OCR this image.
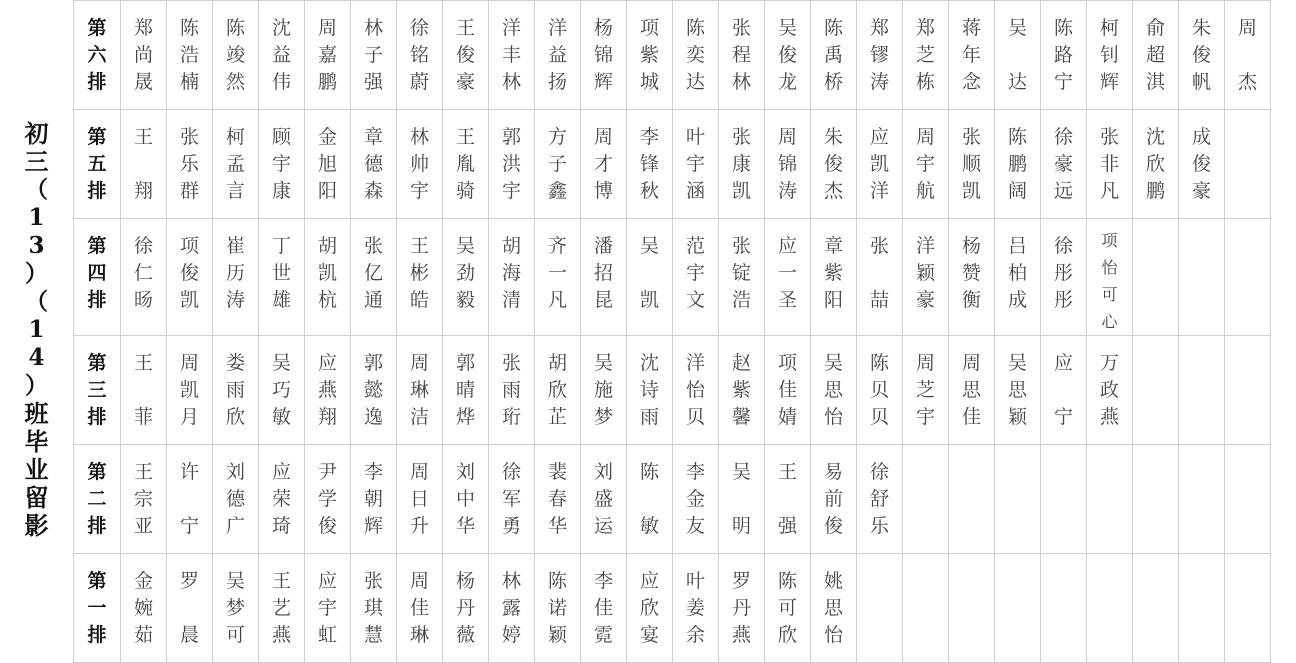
初
三
（
1
3
）
（
1
4
）
班
毕
业
留
影
第
六
排	郑
尚
晟	陈
浩
楠	陈
竣
然	沈
益
伟	周
嘉
鹏	林
子
强	徐
铭
蔚	王
俊
豪	洋
丰
林	洋
益
扬	杨
锦
辉	项
紫
城	陈
奕
达	张
程
林	吴
俊
龙	陈
禹
桥	郑
镠
涛	郑
芝
栋	蒋
年
念	吴

达	陈
路
宁	柯
钊
辉	俞
超
淇	朱
俊
帆	周

杰

第
五
排	王

翔	张
乐
群	柯
孟
言	顾
宇
康	金
旭
阳	章
德
森	林
帅
宇	王
胤
骑	郭
洪
宇	方
子
鑫	周
才
博	李
锋
秋	叶
宇
涵	张
康
凯	周
锦
涛	朱
俊
杰	应
凯
洋	周
宇
航	张
顺
凯	陈
鹏
阔	徐
豪
远	张
非
凡	沈
欣
鹏	成
俊
豪	

第
四
排	徐
仁
旸	项
俊
凯	崔
历
涛	丁
世
雄	胡
凯
杭	张
亿
通	王
彬
皓	吴
劲
毅	胡
海
清	齐
一
凡	潘
招
昆	吴

凯	范
宇
文	张
锭
浩	应
一
圣	章
紫
阳	张

喆	洋
颖
豪	杨
赞
衡	吕
柏
成	徐
彤
彤	项
怡
可
心			

第
三
排	王

菲	周
凯
月	娄
雨
欣	吴
巧
敏	应
燕
翔	郭
懿
逸	周
琳
洁	郭
晴
烨	张
雨
珩	胡
欣
芷	吴
施
梦	沈
诗
雨	洋
怡
贝	赵
紫
馨	项
佳
婧	吴
思
怡	陈
贝
贝	周
芝
宇	周
思
佳	吴
思
颖	应

宁	万
政
燕			

第
二
排	王
宗
亚	许

宁	刘
德
广	应
荣
琦	尹
学
俊	李
朝
辉	周
日
升	刘
中
华	徐
军
勇	裴
春
华	刘
盛
运	陈

敏	李
金
友	吴

明	王

强	易
前
俊	徐
舒
乐								

第
一
排	金
婉
茹	罗

晨	吴
梦
可	王
艺
燕	应
宇
虹	张
琪
慧	周
佳
琳	杨
丹
薇	林
露
婷	陈
诺
颖	李
佳
霓	应
欣
宴	叶
姜
余	罗
丹
燕	陈
可
欣	姚
思
怡									
